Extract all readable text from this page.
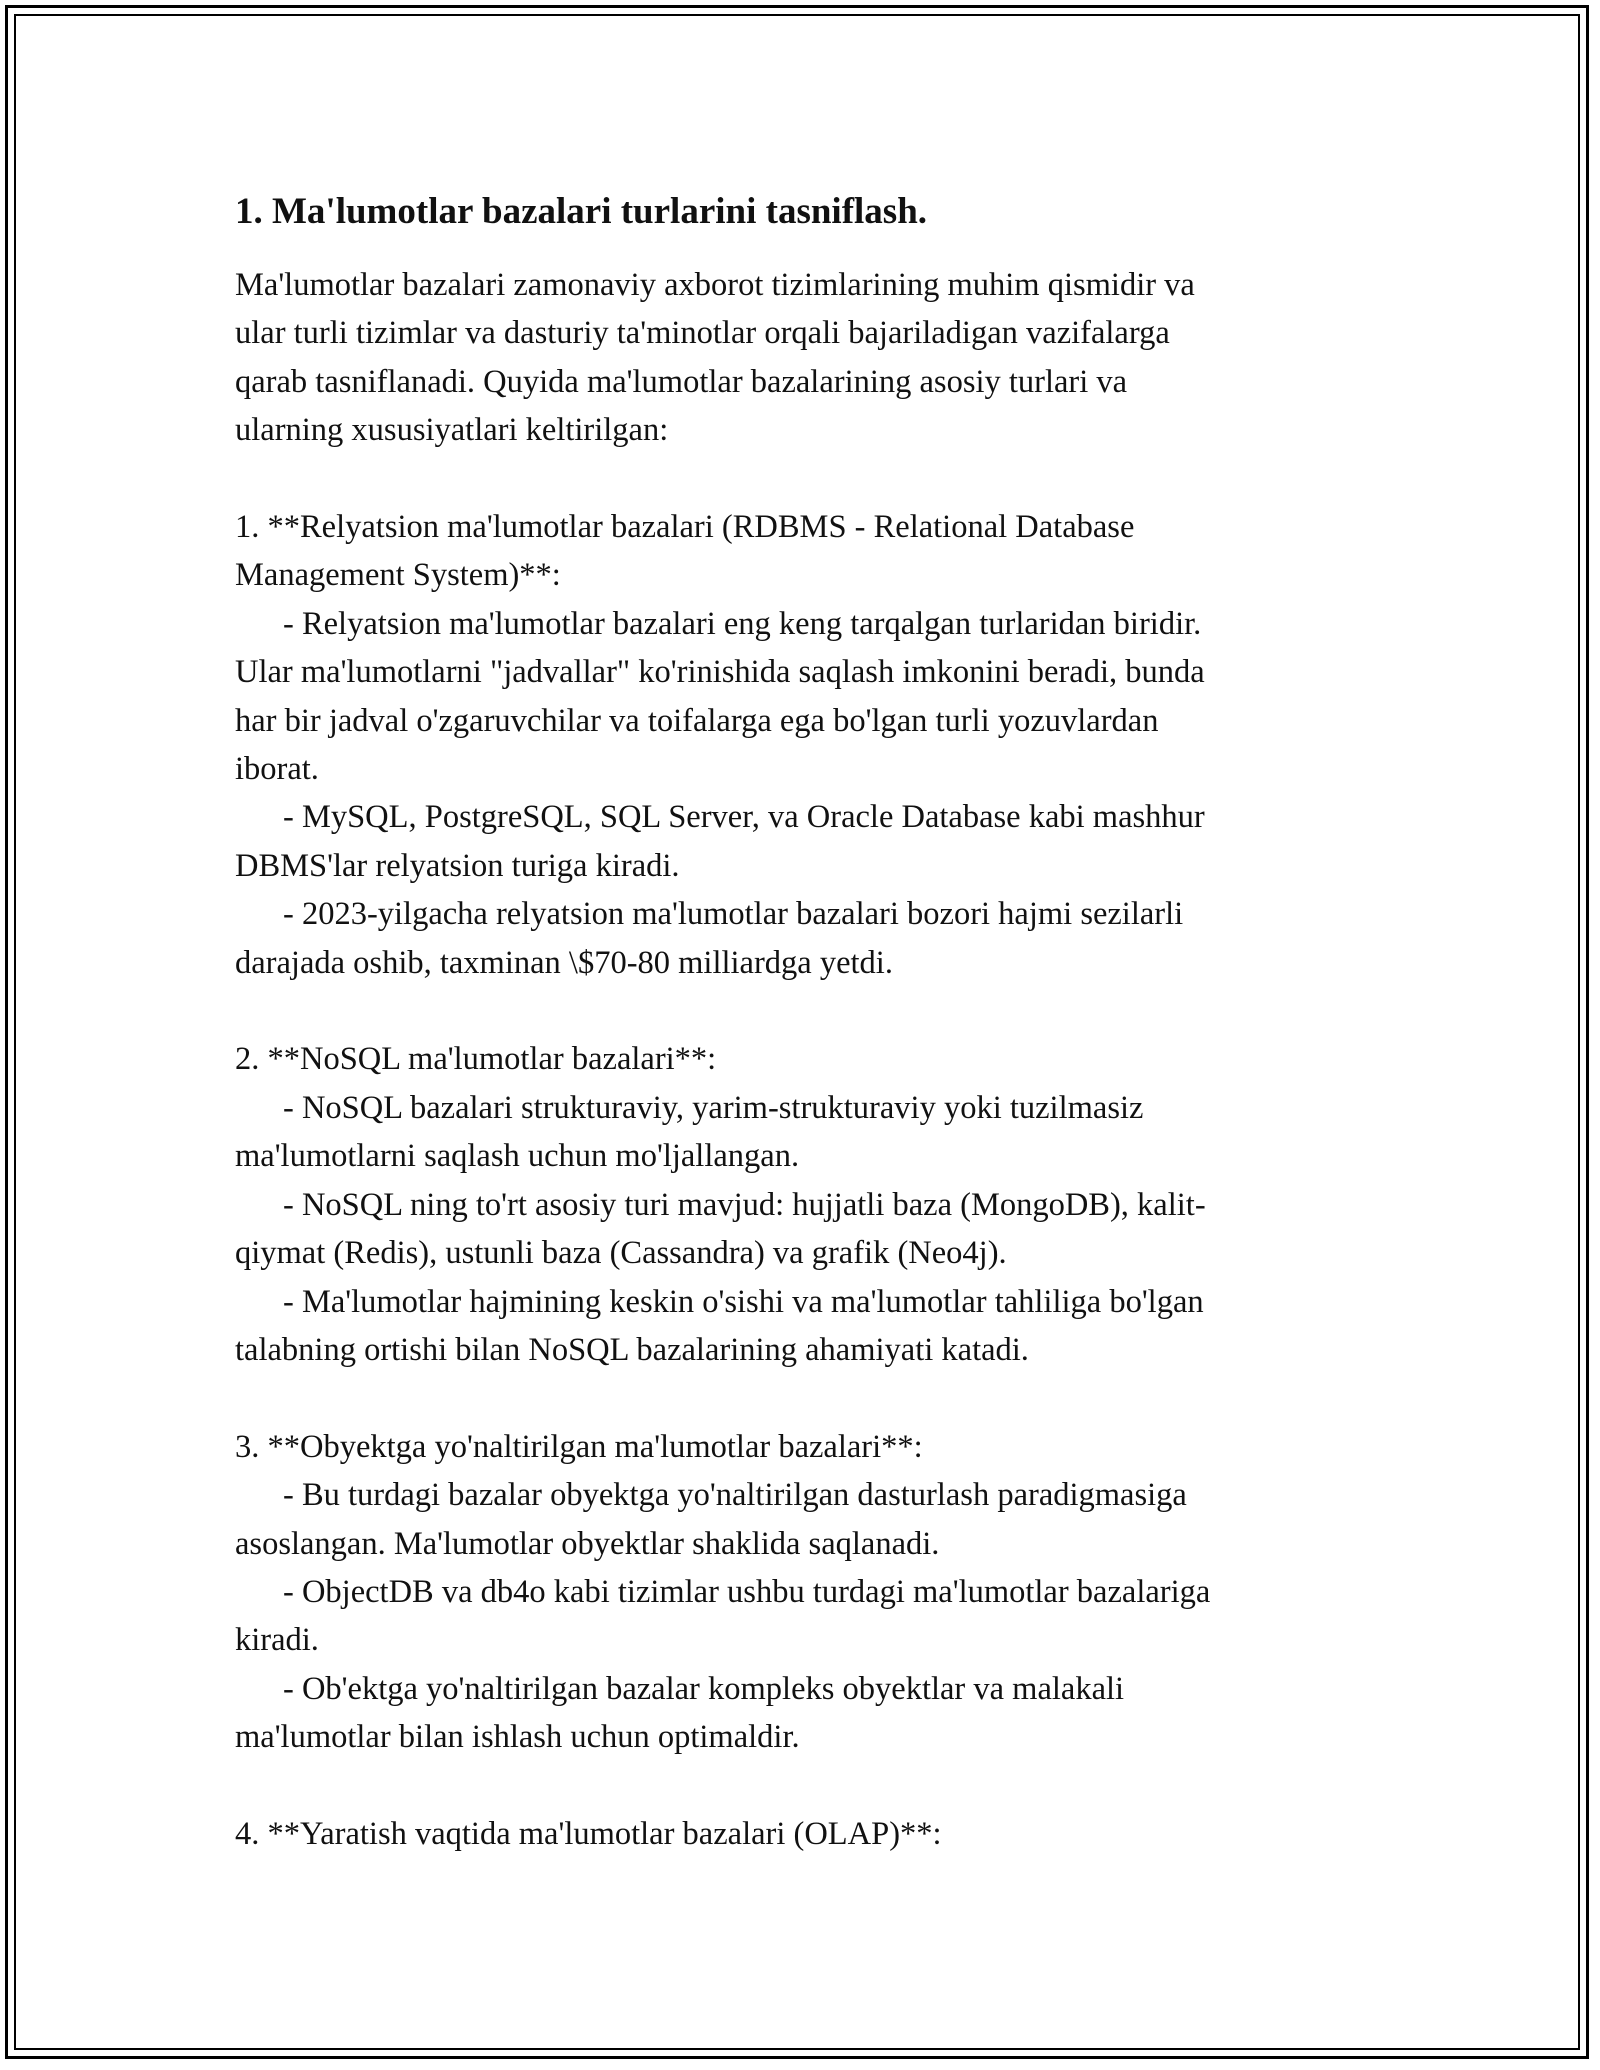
1. Ma'lumotlar bazalari turlarini tasniflash.
Ma'lumotlar bazalari zamonaviy axborot tizimlarining muhim qismidir va
ular turli tizimlar va dasturiy ta'minotlar orqali bajariladigan vazifalarga
qarab tasniflanadi. Quyida ma'lumotlar bazalarining asosiy turlari va
ularning xususiyatlari keltirilgan:
1. **Relyatsion ma'lumotlar bazalari (RDBMS - Relational Database
Management System)**:
- Relyatsion ma'lumotlar bazalari eng keng tarqalgan turlaridan biridir.
Ular ma'lumotlarni "jadvallar" ko'rinishida saqlash imkonini beradi, bunda
har bir jadval o'zgaruvchilar va toifalarga ega bo'lgan turli yozuvlardan
iborat.
- MySQL, PostgreSQL, SQL Server, va Oracle Database kabi mashhur
DBMS'lar relyatsion turiga kiradi.
- 2023-yilgacha relyatsion ma'lumotlar bazalari bozori hajmi sezilarli
darajada oshib, taxminan \$70-80 milliardga yetdi.
2. **NoSQL ma'lumotlar bazalari**:
- NoSQL bazalari strukturaviy, yarim-strukturaviy yoki tuzilmasiz
ma'lumotlarni saqlash uchun mo'ljallangan.
- NoSQL ning to'rt asosiy turi mavjud: hujjatli baza (MongoDB), kalit-
qiymat (Redis), ustunli baza (Cassandra) va grafik (Neo4j).
- Ma'lumotlar hajmining keskin o'sishi va ma'lumotlar tahliliga bo'lgan
talabning ortishi bilan NoSQL bazalarining ahamiyati katadi.
3. **Obyektga yo'naltirilgan ma'lumotlar bazalari**:
- Bu turdagi bazalar obyektga yo'naltirilgan dasturlash paradigmasiga
asoslangan. Ma'lumotlar obyektlar shaklida saqlanadi.
- ObjectDB va db4o kabi tizimlar ushbu turdagi ma'lumotlar bazalariga
kiradi.
- Ob'ektga yo'naltirilgan bazalar kompleks obyektlar va malakali
ma'lumotlar bilan ishlash uchun optimaldir.
4. **Yaratish vaqtida ma'lumotlar bazalari (OLAP)**:
